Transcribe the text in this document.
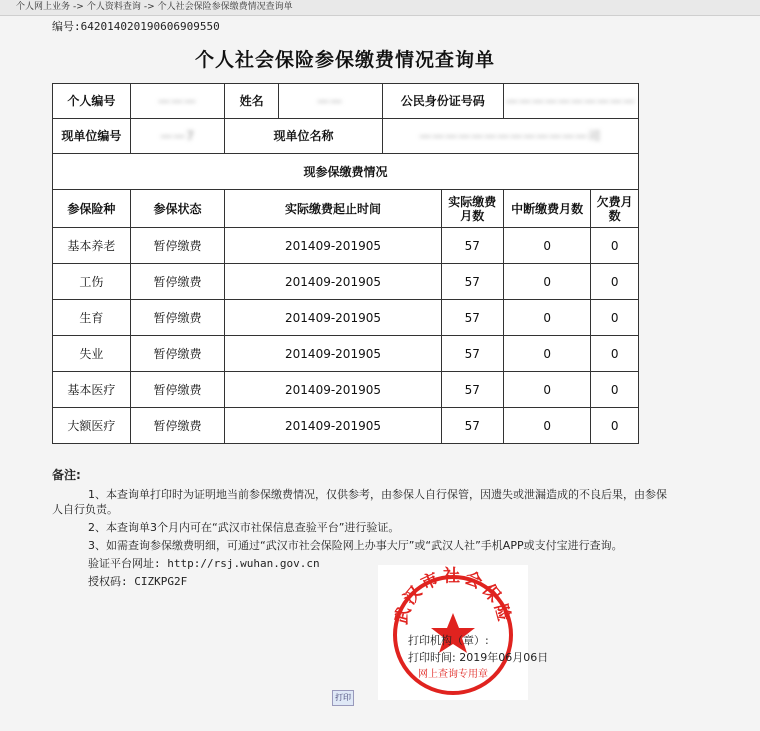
个人网上业务 -> 个人资料查询 -> 个人社会保险参保缴费情况查询单
编号:64201402019060690955​0
个人社会保险参保缴费情况查询单
个人编号	———	姓名	——	公民身份证号码		——————————	
现单位编号	——7	现单位名称		—————————————司			
现参保缴费情况							
参保险种	参保状态	实际缴费起止时间			实际缴费月数	中断缴费月数	欠费月数
基本养老	暂停缴费	201409-201905			57	0	0
工伤	暂停缴费	201409-201905			57	0	0
生育	暂停缴费	201409-201905			57	0	0
失业	暂停缴费	201409-201905			57	0	0
基本医疗	暂停缴费	201409-201905			57	0	0
大额医疗	暂停缴费	201409-201905			57	0	0
备注:

1、本查询单打印时为证明地当前参保缴费情况，仅供参考，由参保人自行保管，因遗失或泄漏造成的不良后果，由参保人自行负责。

2、本查询单3个月内可在“武汉市社保信息查验平台”进行验证。

3、如需查询参保缴费明细，可通过“武汉市社会保险网上办事大厅”或“武汉人社”手机APP或支付宝进行查询。

验证平台网址: http://rsj.wuhan.gov.cn

授权码: CIZKPG2F

武汉市社会保险
网上查询专用章
打印机构（章）:
打印时间: 2019年06月06日
打印
